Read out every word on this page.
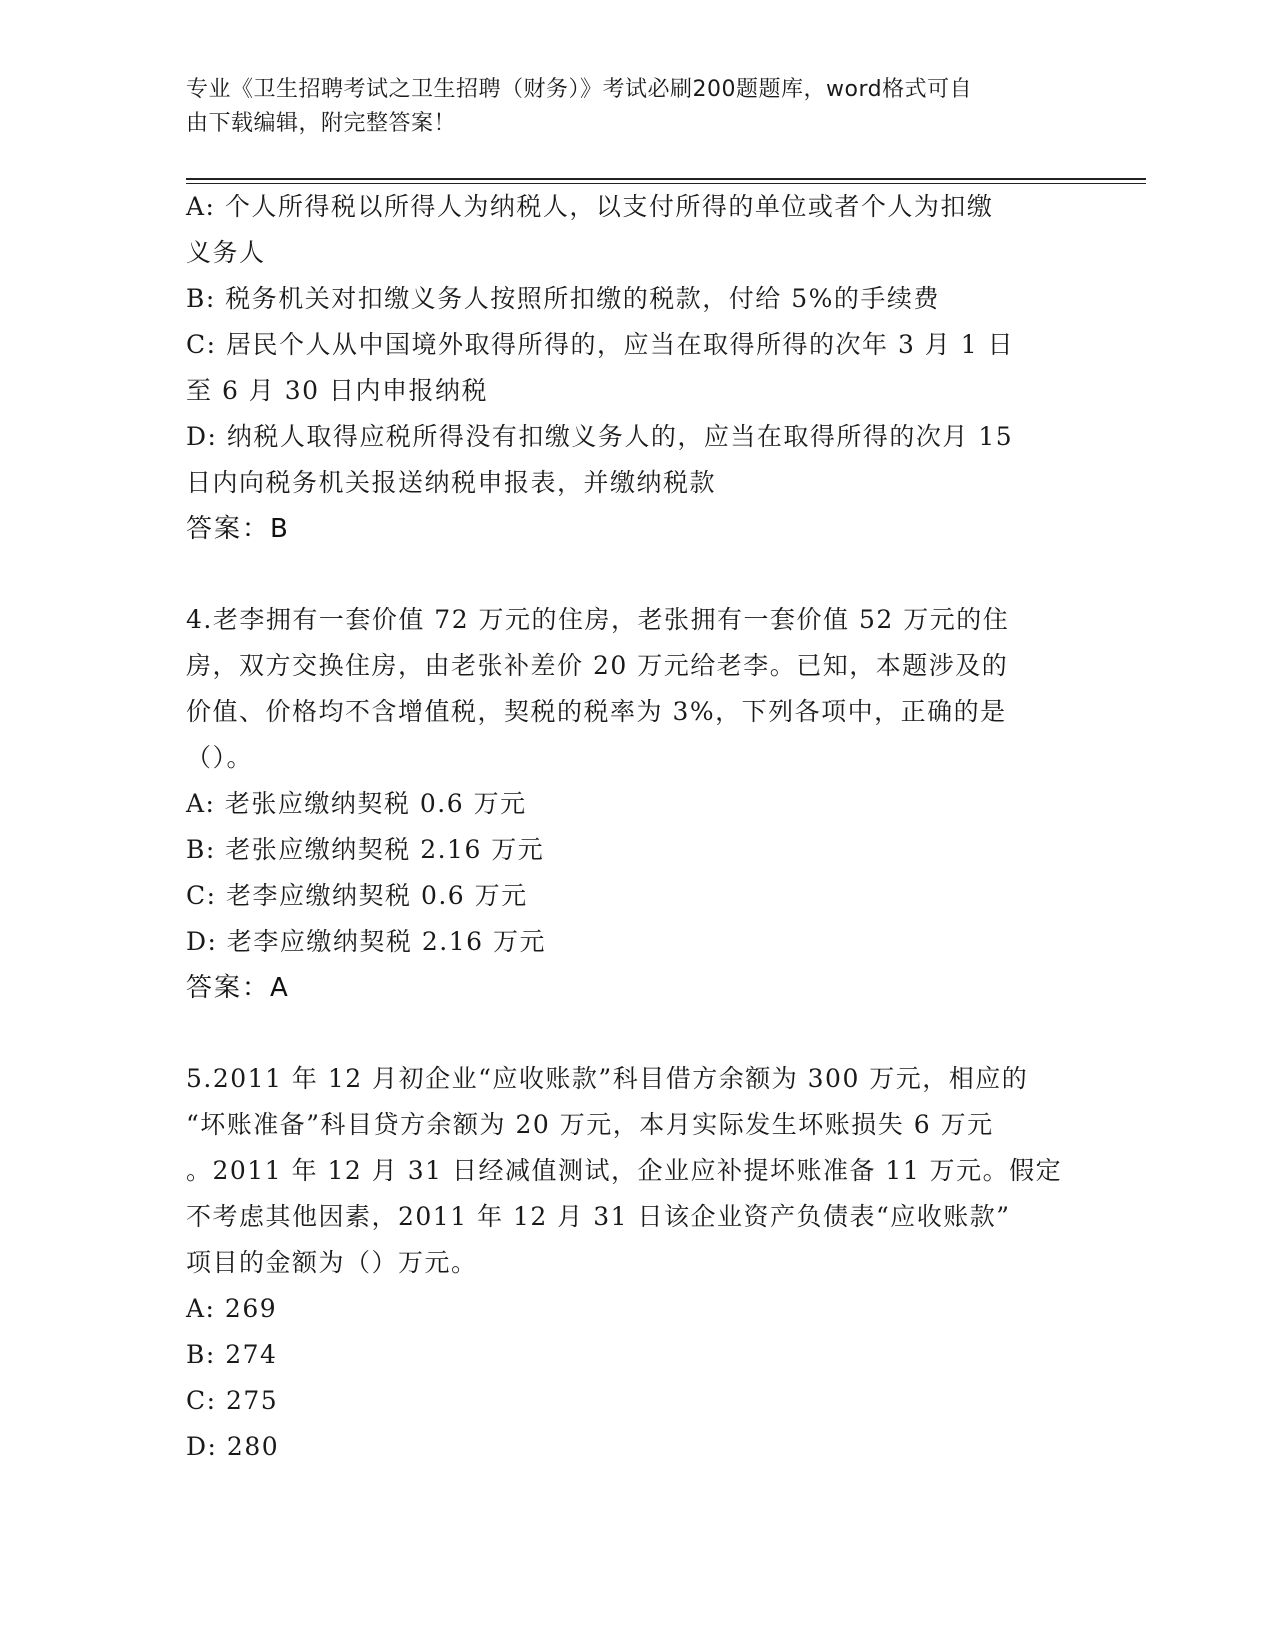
专业《卫生招聘考试之卫生招聘（财务）》考试必刷200题题库，word格式可自
由下载编辑，附完整答案！
A: 个人所得税以所得人为纳税人，以支付所得的单位或者个人为扣缴
义务人
B: 税务机关对扣缴义务人按照所扣缴的税款，付给 5%的手续费
C: 居民个人从中国境外取得所得的，应当在取得所得的次年 3 月 1 日
至 6 月 30 日内申报纳税
D: 纳税人取得应税所得没有扣缴义务人的，应当在取得所得的次月 15
日内向税务机关报送纳税申报表，并缴纳税款
答案：B
4.老李拥有一套价值 72 万元的住房，老张拥有一套价值 52 万元的住
房，双方交换住房，由老张补差价 20 万元给老李。已知，本题涉及的
价值、价格均不含增值税，契税的税率为 3%，下列各项中，正确的是
（）。
A: 老张应缴纳契税 0.6 万元
B: 老张应缴纳契税 2.16 万元
C: 老李应缴纳契税 0.6 万元
D: 老李应缴纳契税 2.16 万元
答案：A
5.2011 年 12 月初企业“应收账款”科目借方余额为 300 万元，相应的
“坏账准备”科目贷方余额为 20 万元，本月实际发生坏账损失 6 万元
。2011 年 12 月 31 日经减值测试，企业应补提坏账准备 11 万元。假定
不考虑其他因素，2011 年 12 月 31 日该企业资产负债表“应收账款”
项目的金额为（）万元。
A: 269
B: 274
C: 275
D: 280
